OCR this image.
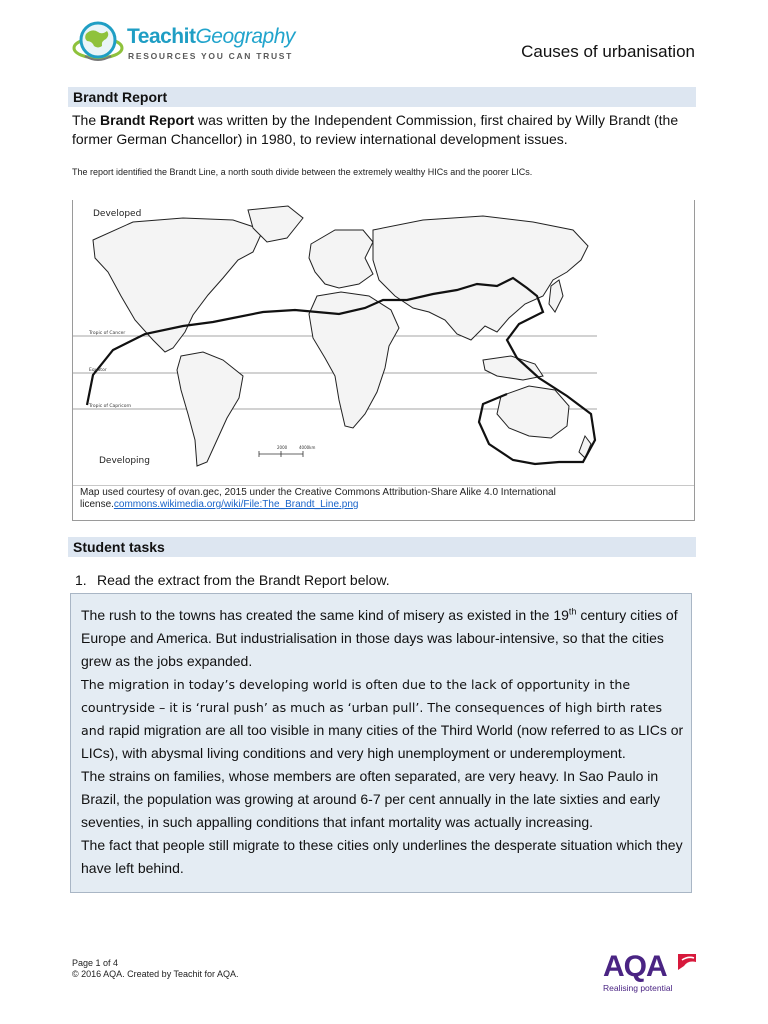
TeachitGeography
RESOURCES YOU CAN TRUST	Causes of urbanisation
Brandt Report
The Brandt Report was written by the Independent Commission, first chaired by Willy Brandt (the former German Chancellor) in 1980, to review international development issues.
The report identified the Brandt Line, a north south divide between the extremely wealthy HICs and the poorer LICs.
Developed
Developing
Tropic of Cancer
Equator
Tropic of Capricorn
2000	4000km
Map used courtesy of ovan.gec, 2015 under the Creative Commons Attribution-Share Alike 4.0 International license.commons.wikimedia.org/wiki/File:The_Brandt_Line.png
Student tasks
1. Read the extract from the Brandt Report below.
The rush to the towns has created the same kind of misery as existed in the 19th century cities of Europe and America. But industrialisation in those days was labour-intensive, so that the cities grew as the jobs expanded.
The migration in today’s developing world is often due to the lack of opportunity in the countryside – it is ‘rural push’ as much as ‘urban pull’. The consequences of high birth rates and rapid migration are all too visible in many cities of the Third World (now referred to as LICs or LICs), with abysmal living conditions and very high unemployment or underemployment.
The strains on families, whose members are often separated, are very heavy. In Sao Paulo in Brazil, the population was growing at around 6-7 per cent annually in the late sixties and early seventies, in such appalling conditions that infant mortality was actually increasing.
The fact that people still migrate to these cities only underlines the desperate situation which they have left behind.
Page 1 of 4
© 2016 AQA. Created by Teachit for AQA.	AQA
Realising potential
